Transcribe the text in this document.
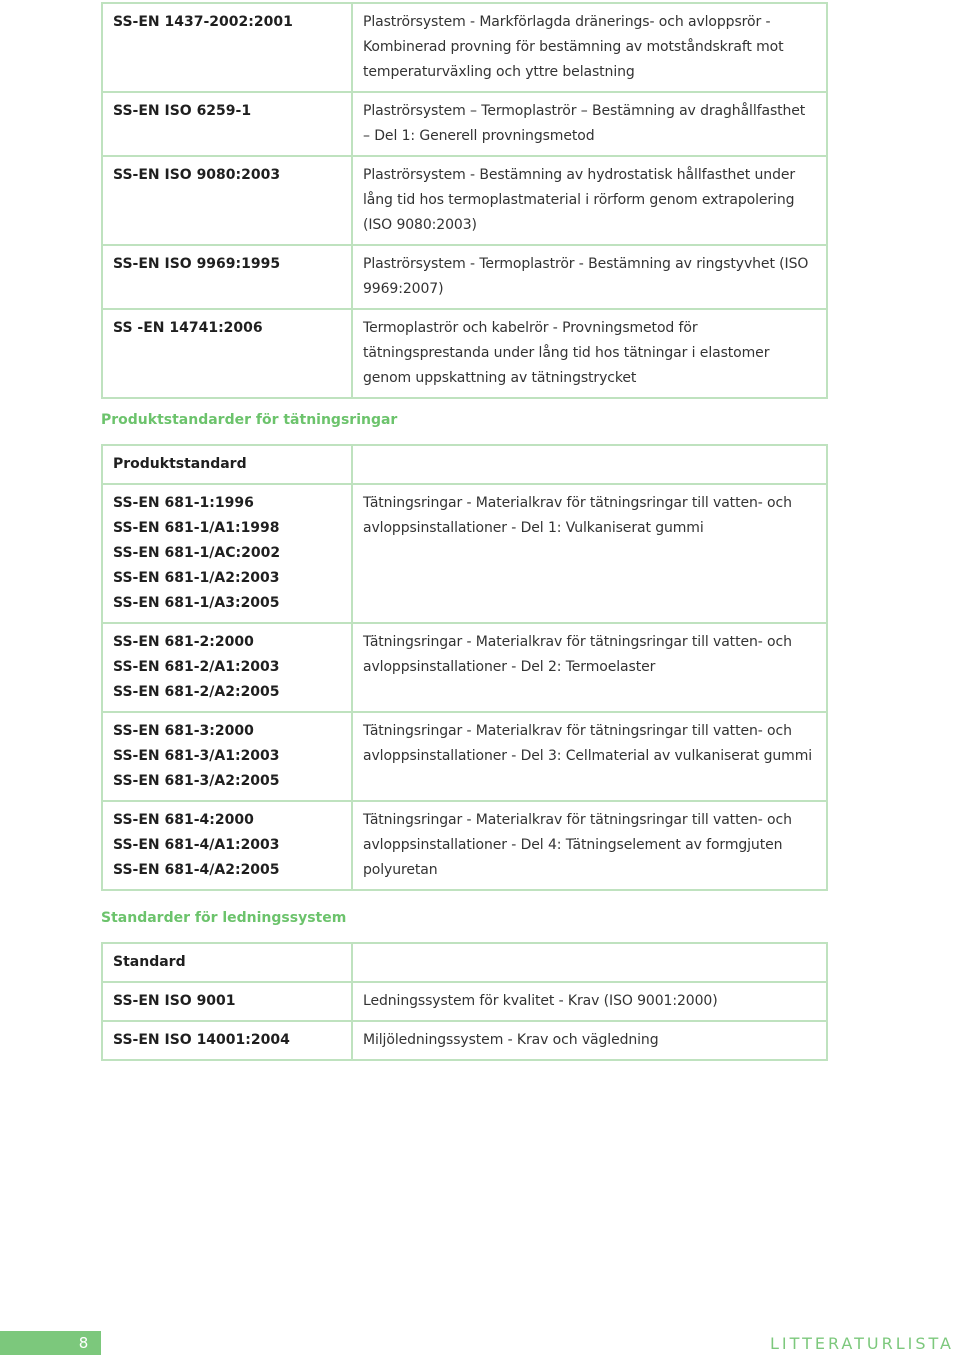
SS-EN 1437-2002:2001	Plaströrsystem - Markförlagda dränerings- och avloppsrör - Kombinerad provning för bestämning av motståndskraft mot temperaturväxling och yttre belastning
SS-EN ISO 6259-1	Plaströrsystem – Termoplaströr – Bestämning av draghållfasthet – Del 1: Generell provningsmetod
SS-EN ISO 9080:2003	Plaströrsystem - Bestämning av hydrostatisk hållfasthet under lång tid hos termoplastmaterial i rörform genom extrapolering (ISO 9080:2003)
SS-EN ISO 9969:1995	Plaströrsystem - Termoplaströr - Bestämning av ringstyvhet (ISO 9969:2007)
SS -EN 14741:2006	Termoplaströr och kabelrör - Provningsmetod för tätningsprestanda under lång tid hos tätningar i elastomer genom uppskattning av tätningstrycket
Produktstandarder för tätningsringar
Produktstandard	

SS-EN 681-1:1996
SS-EN 681-1/A1:1998
SS-EN 681-1/AC:2002
SS-EN 681-1/A2:2003
SS-EN 681-1/A3:2005	Tätningsringar - Materialkrav för tätningsringar till vatten- och avloppsinstallationer - Del 1: Vulkaniserat gummi

SS-EN 681-2:2000
SS-EN 681-2/A1:2003
SS-EN 681-2/A2:2005	Tätningsringar - Materialkrav för tätningsringar till vatten- och avloppsinstallationer - Del 2: Termoelaster

SS-EN 681-3:2000
SS-EN 681-3/A1:2003
SS-EN 681-3/A2:2005	Tätningsringar - Materialkrav för tätningsringar till vatten- och avloppsinstallationer - Del 3: Cellmaterial av vulkaniserat gummi

SS-EN 681-4:2000
SS-EN 681-4/A1:2003
SS-EN 681-4/A2:2005	Tätningsringar - Materialkrav för tätningsringar till vatten- och avloppsinstallationer - Del 4: Tätningselement av formgjuten polyuretan
Standarder för ledningssystem
Standard	
SS-EN ISO 9001	Ledningssystem för kvalitet - Krav (ISO 9001:2000)
SS-EN ISO 14001:2004	Miljöledningssystem - Krav och vägledning
8	LITTERATURLISTA
